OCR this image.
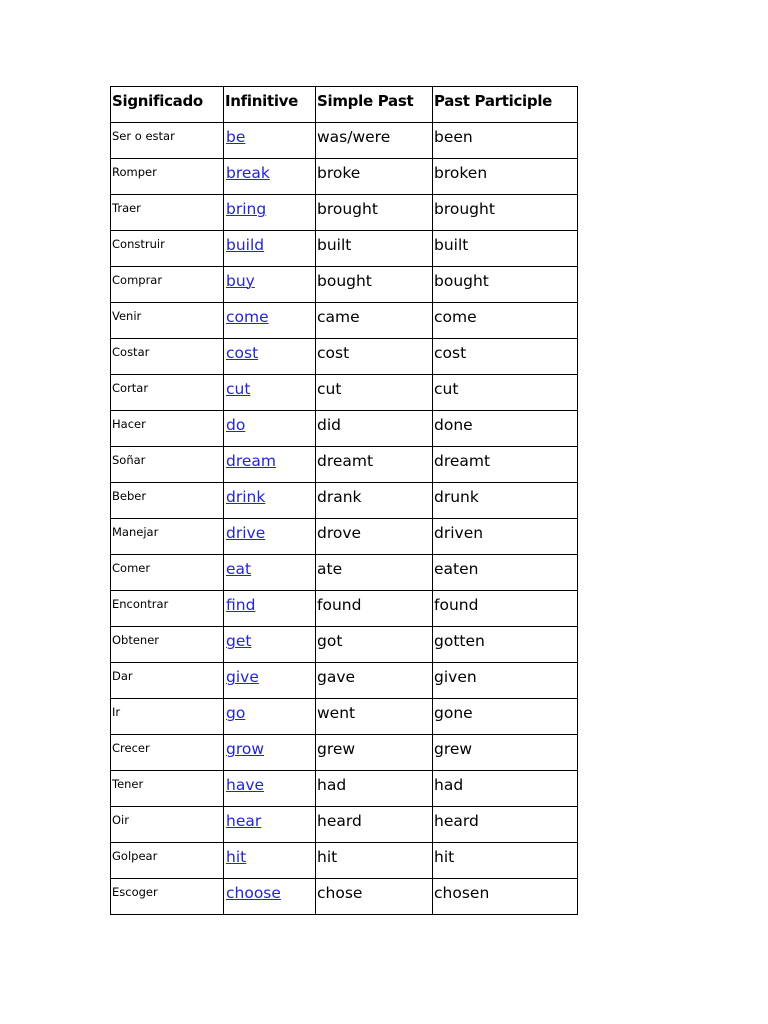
Significado	Infinitive	Simple Past	Past Participle
Ser o estar	be	was/were	been
Romper	break	broke	broken
Traer	bring	brought	brought
Construir	build	built	built
Comprar	buy	bought	bought
Venir	come	came	come
Costar	cost	cost	cost
Cortar	cut	cut	cut
Hacer	do	did	done
Soñar	dream	dreamt	dreamt
Beber	drink	drank	drunk
Manejar	drive	drove	driven
Comer	eat	ate	eaten
Encontrar	find	found	found
Obtener	get	got	gotten
Dar	give	gave	given
Ir	go	went	gone
Crecer	grow	grew	grew
Tener	have	had	had
Oir	hear	heard	heard
Golpear	hit	hit	hit
Escoger	choose	chose	chosen
